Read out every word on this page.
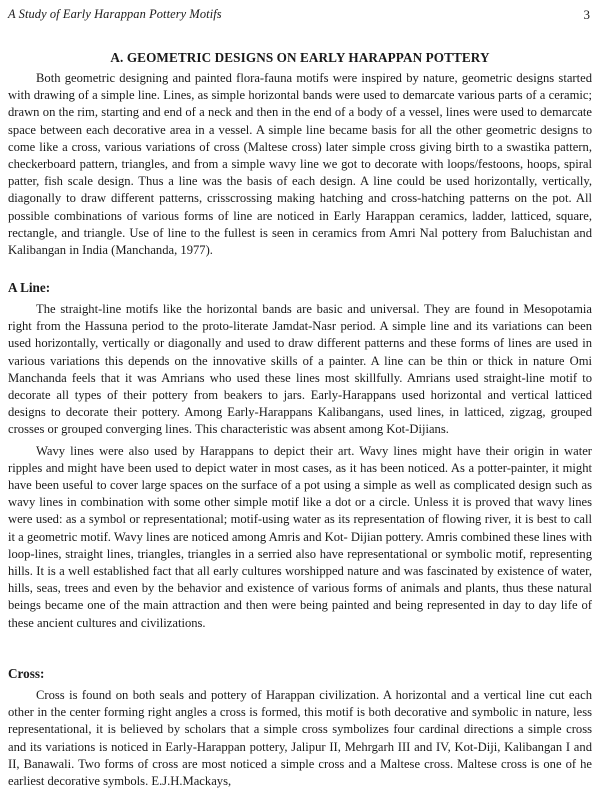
A Study of Early Harappan Pottery Motifs	3
A. GEOMETRIC DESIGNS ON EARLY HARAPPAN POTTERY

Both geometric designing and painted flora-fauna motifs were inspired by nature, geometric designs started with drawing of a simple line. Lines, as simple horizontal bands were used to demarcate various parts of a ceramic; drawn on the rim, starting and end of a neck and then in the end of a body of a vessel, lines were used to demarcate space between each decorative area in a vessel. A simple line became basis for all the other geometric designs to come like a cross, various variations of cross (Maltese cross) later simple cross giving birth to a swastika pattern, checkerboard pattern, triangles, and from a simple wavy line we got to decorate with loops/festoons, hoops, spiral patter, fish scale design. Thus a line was the basis of each design. A line could be used horizontally, vertically, diagonally to draw different patterns, crisscrossing making hatching and cross-hatching patterns on the pot. All possible combinations of various forms of line are noticed in Early Harappan ceramics, ladder, latticed, square, rectangle, and triangle. Use of line to the fullest is seen in ceramics from Amri Nal pottery from Baluchistan and Kalibangan in India (Manchanda, 1977).

A Line:

The straight-line motifs like the horizontal bands are basic and universal. They are found in Mesopotamia right from the Hassuna period to the proto-literate Jamdat-Nasr period. A simple line and its variations can been used horizontally, vertically or diagonally and used to draw different patterns and these forms of lines are used in various variations this depends on the innovative skills of a painter. A line can be thin or thick in nature Omi Manchanda feels that it was Amrians who used these lines most skillfully. Amrians used straight-line motif to decorate all types of their pottery from beakers to jars. Early-Harappans used horizontal and vertical latticed designs to decorate their pottery. Among Early-Harappans Kalibangans, used lines, in latticed, zigzag, grouped crosses or grouped converging lines. This characteristic was absent among Kot-Dijians.

Wavy lines were also used by Harappans to depict their art. Wavy lines might have their origin in water ripples and might have been used to depict water in most cases, as it has been noticed. As a potter-painter, it might have been useful to cover large spaces on the surface of a pot using a simple as well as complicated design such as wavy lines in combination with some other simple motif like a dot or a circle. Unless it is proved that wavy lines were used: as a symbol or representational; motif-using water as its representation of flowing river, it is best to call it a geometric motif. Wavy lines are noticed among Amris and Kot- Dijian pottery. Amris combined these lines with loop-lines, straight lines, triangles, triangles in a serried also have representational or symbolic motif, representing hills. It is a well established fact that all early cultures worshipped nature and was fascinated by existence of water, hills, seas, trees and even by the behavior and existence of various forms of animals and plants, thus these natural beings became one of the main attraction and then were being painted and being represented in day to day life of these ancient cultures and civilizations.

Cross:

Cross is found on both seals and pottery of Harappan civilization. A horizontal and a vertical line cut each other in the center forming right angles a cross is formed, this motif is both decorative and symbolic in nature, less representational, it is believed by scholars that a simple cross symbolizes four cardinal directions a simple cross and its variations is noticed in Early-Harappan pottery, Jalipur II, Mehrgarh III and IV, Kot-Diji, Kalibangan I and II, Banawali. Two forms of cross are most noticed a simple cross and a Maltese cross. Maltese cross is one of he earliest decorative symbols. E.J.H.Mackays,
